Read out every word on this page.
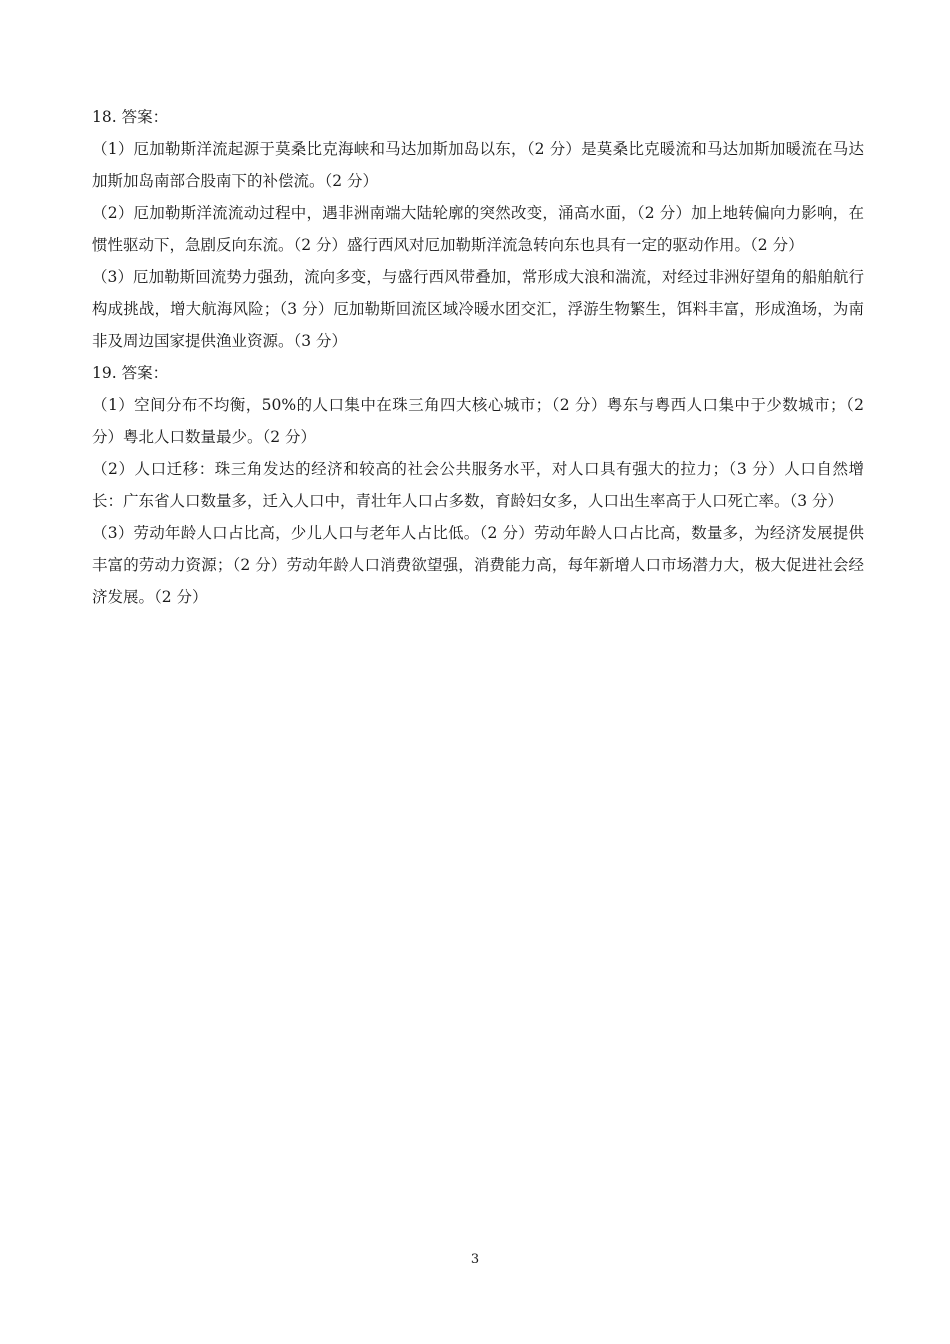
18. 答案：

（1）厄加勒斯洋流起源于莫桑比克海峡和马达加斯加岛以东，（2 分）是莫桑比克暖流和马达加斯加暖流在马达加斯加岛南部合股南下的补偿流。（2 分）

（2）厄加勒斯洋流流动过程中，遇非洲南端大陆轮廓的突然改变，涌高水面，（2 分）加上地转偏向力影响，在惯性驱动下，急剧反向东流。（2 分）盛行西风对厄加勒斯洋流急转向东也具有一定的驱动作用。（2 分）

（3）厄加勒斯回流势力强劲，流向多变，与盛行西风带叠加，常形成大浪和湍流，对经过非洲好望角的船舶航行构成挑战，增大航海风险；（3 分）厄加勒斯回流区域冷暖水团交汇，浮游生物繁生，饵料丰富，形成渔场，为南非及周边国家提供渔业资源。（3 分）

19. 答案：

（1）空间分布不均衡，50%的人口集中在珠三角四大核心城市；（2 分）粤东与粤西人口集中于少数城市；（2 分）粤北人口数量最少。（2 分）

（2）人口迁移：珠三角发达的经济和较高的社会公共服务水平，对人口具有强大的拉力；（3 分）人口自然增长：广东省人口数量多，迁入人口中，青壮年人口占多数，育龄妇女多，人口出生率高于人口死亡率。（3 分）

（3）劳动年龄人口占比高，少儿人口与老年人占比低。（2 分）劳动年龄人口占比高，数量多，为经济发展提供丰富的劳动力资源；（2 分）劳动年龄人口消费欲望强，消费能力高，每年新增人口市场潜力大，极大促进社会经济发展。（2 分）

3
